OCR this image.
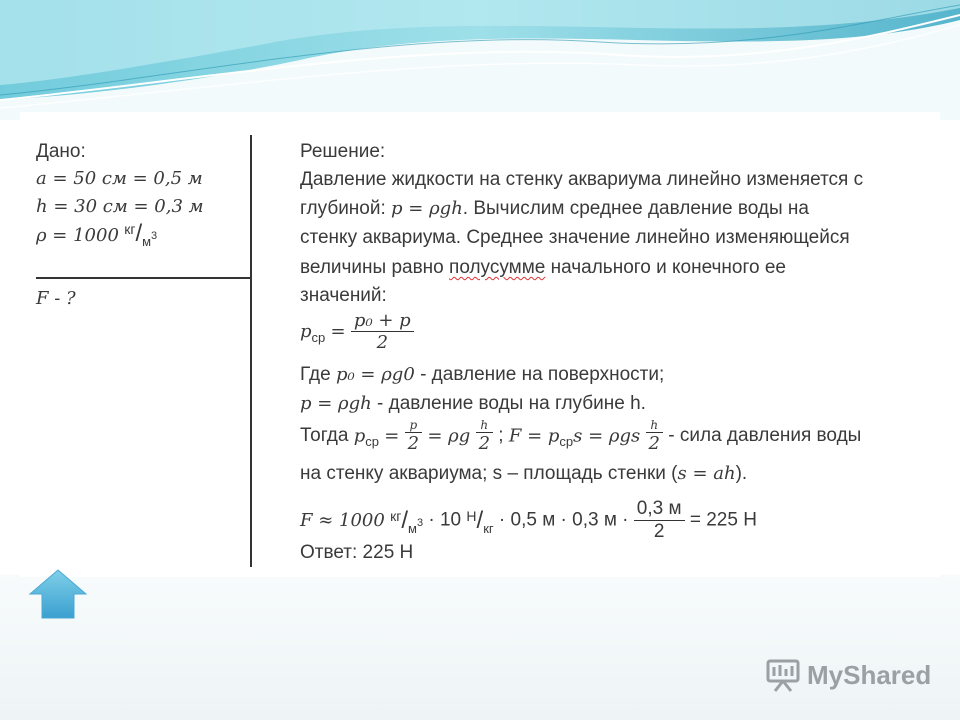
Дано:
a = 50 см = 0,5 м
h = 30 см = 0,3 м
ρ = 1000 $^{кг}/_м3$
F - ?
Решение:
Давление жидкости на стенку аквариума линейно изменяется с
глубиной: p = ρgh. Вычислим среднее давление воды на
стенку аквариума. Среднее значение линейно изменяющейся
величины равно полусумме начального и конечного ее
значений:
$p_{ср} = \frac{\text{p₀ + p}}{2}$
Где p₀ = ρg0 - давление на поверхности;
p = ρgh - давление воды на глубине h.
Тогда $p_{ср} = \frac{p}{2} = \rho g \frac{h}{2}$ ; $F = p_{ср}s = \rho gs \frac{h}{2}$ - сила давления воды
на стенку аквариума; s – площадь стенки (s = ah).
F ≈ 1000 $^{кг}/_м3 \cdot 10$ $^Н/_{кг} \cdot 0,5$ м · 0,3 $м \cdot \frac{0,3 м}{2} = 225$ Н
Ответ: 225 Н
MyShared
